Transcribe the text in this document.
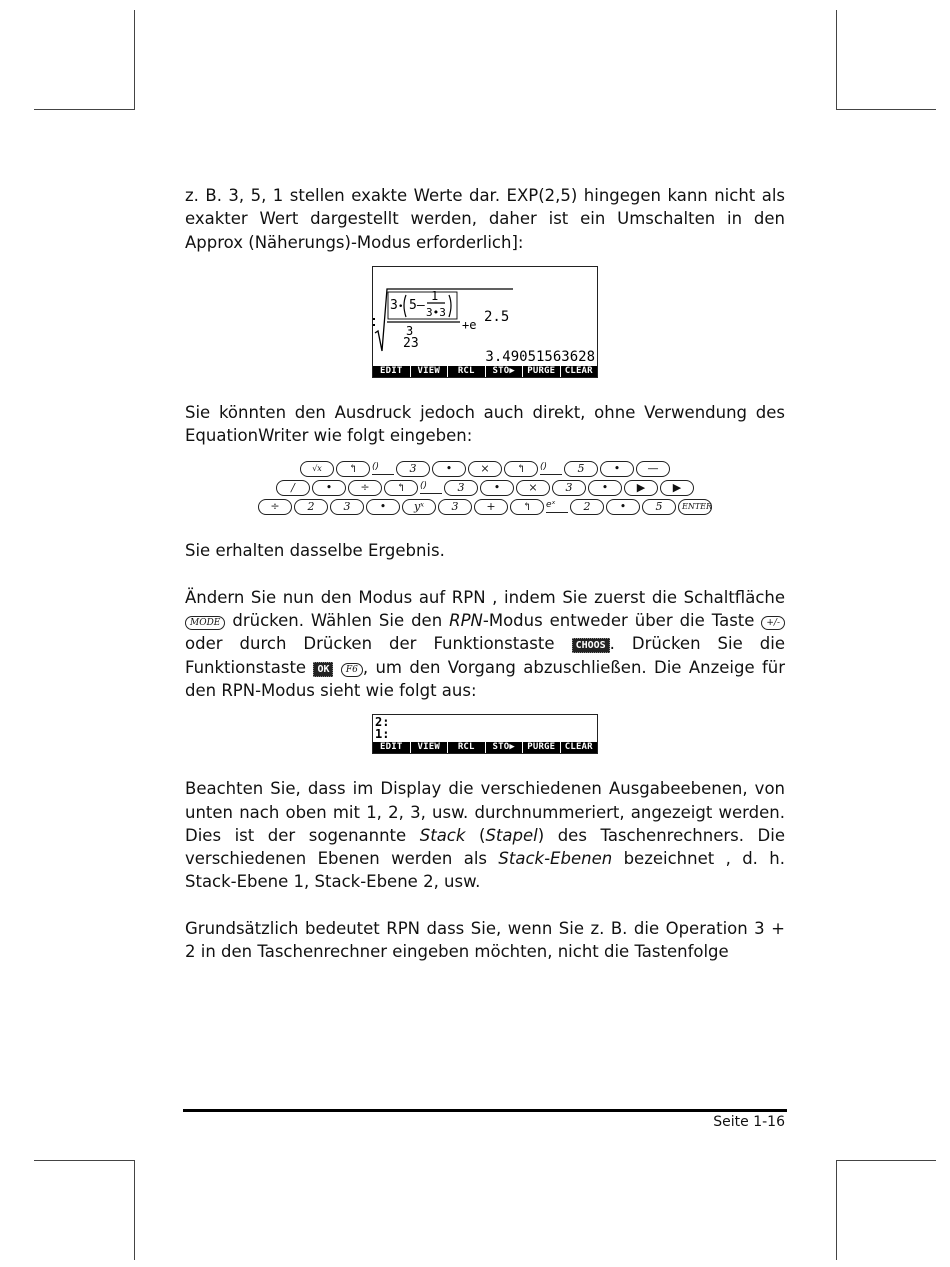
z. B. 3, 5, 1 stellen exakte Werte dar. EXP(2,5) hingegen kann nicht als exakter Wert dargestellt werden, daher ist ein Umschalten in den Approx (Näherungs)-Modus erforderlich]:

3 • 5–
1
3•3
3
23
+e 2.5
3.49051563628
EDIT	VIEW	RCL	STO▶	PURGE	CLEAR

Sie könnten den Ausdruck jedoch auch direkt, ohne Verwendung des EquationWriter wie folgt eingeben:

√x	↰	()	3	•	×	↰	()	5	•	—
/	•	÷	↰	()	3	•	×	3	•	▶	▶
÷	2	3	•	yˣ	3	+	↰	eˣ	2	•	5	ENTER

Sie erhalten dasselbe Ergebnis.

Ändern Sie nun den Modus auf RPN , indem Sie zuerst die Schaltfläche MODE drücken. Wählen Sie den RPN-Modus entweder über die Taste +/- oder durch Drücken der Funktionstaste CHOOS . Drücken Sie die Funktionstaste OK F6 , um den Vorgang abzuschließen. Die Anzeige für den RPN-Modus sieht wie folgt aus:

2:
1:
EDIT	VIEW	RCL	STO▶	PURGE	CLEAR

Beachten Sie, dass im Display die verschiedenen Ausgabeebenen, von unten nach oben mit 1, 2, 3, usw. durchnummeriert, angezeigt werden. Dies ist der sogenannte Stack (Stapel) des Taschenrechners. Die verschiedenen Ebenen werden als Stack-Ebenen bezeichnet , d. h. Stack-Ebene 1, Stack-Ebene 2, usw.

Grundsätzlich bedeutet RPN dass Sie, wenn Sie z. B. die Operation 3 + 2 in den Taschenrechner eingeben möchten, nicht die Tastenfolge

Seite 1-16
